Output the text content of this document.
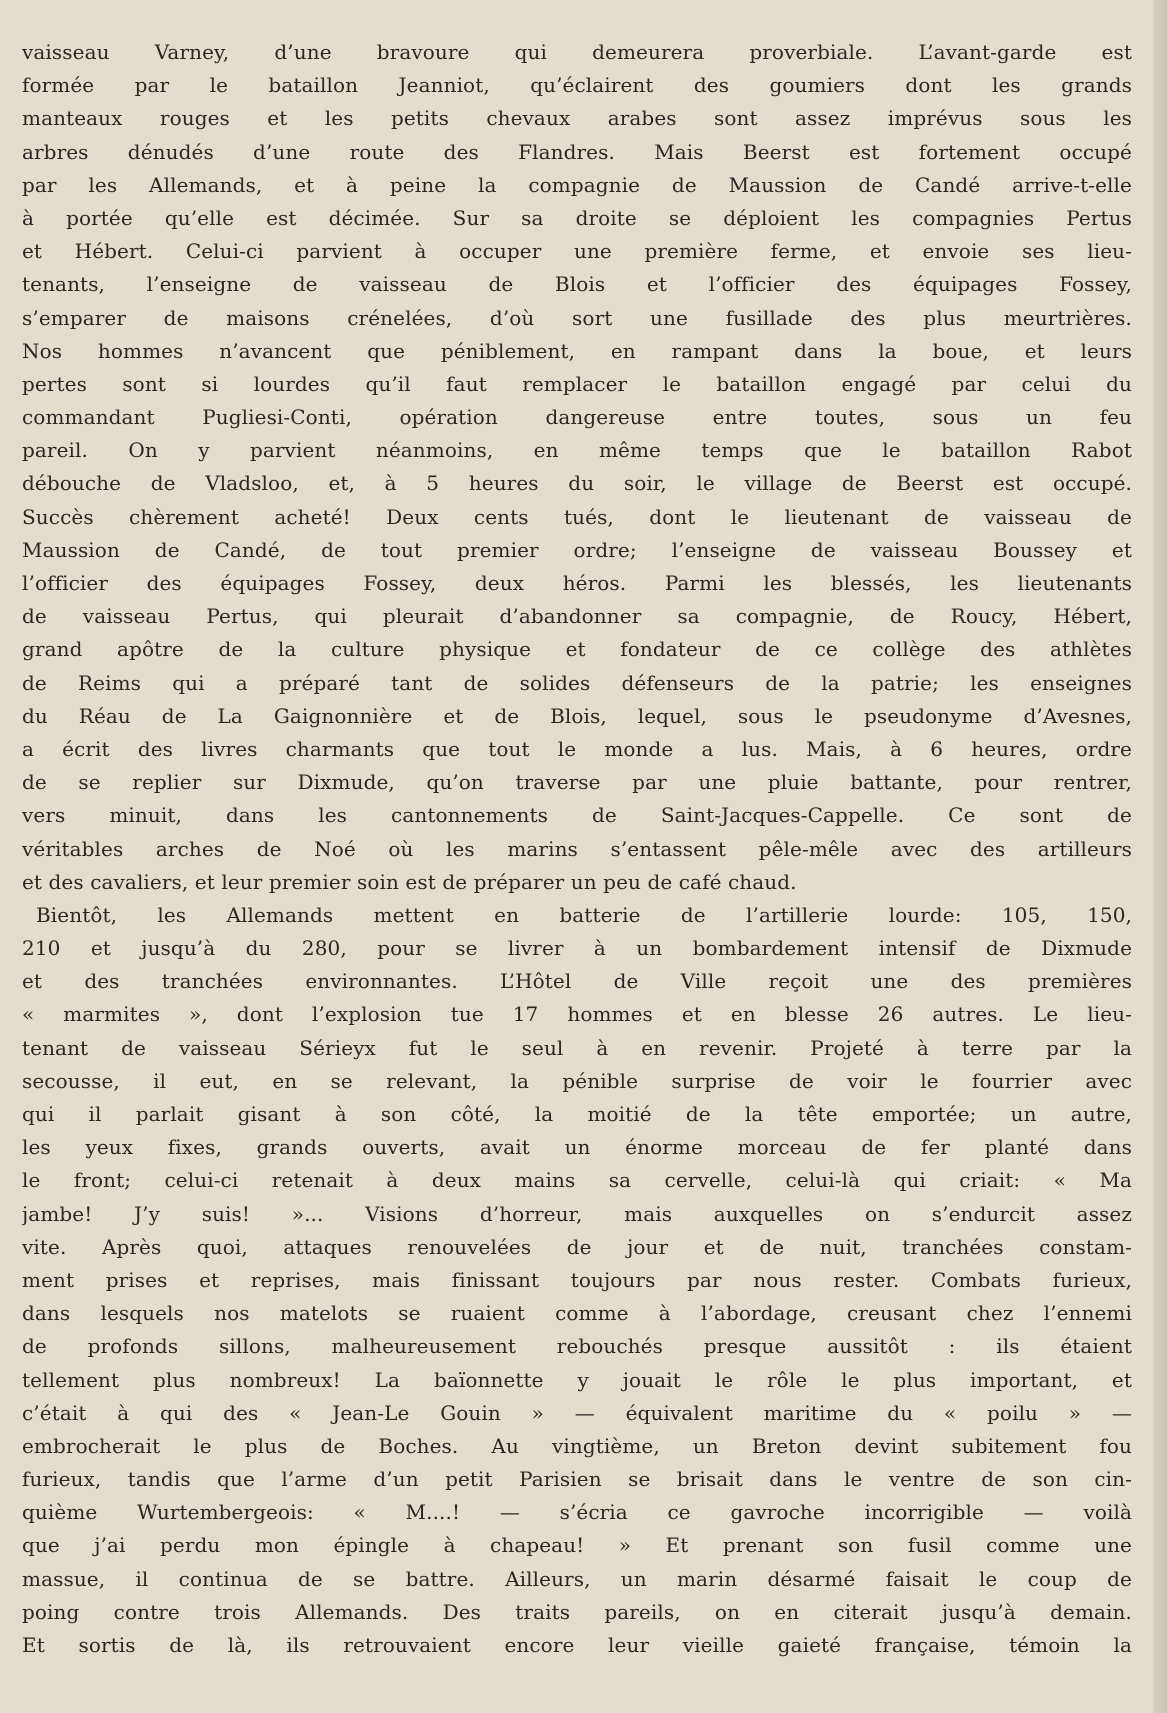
vaisseau Varney, d’une bravoure qui demeurera proverbiale. L’avant-garde est
formée par le bataillon Jeanniot, qu’éclairent des goumiers dont les grands
manteaux rouges et les petits chevaux arabes sont assez imprévus sous les
arbres dénudés d’une route des Flandres. Mais Beerst est fortement occupé
par les Allemands, et à peine la compagnie de Maussion de Candé arrive-t-elle
à portée qu’elle est décimée. Sur sa droite se déploient les compagnies Pertus
et Hébert. Celui-ci parvient à occuper une première ferme, et envoie ses lieu-
tenants, l’enseigne de vaisseau de Blois et l’officier des équipages Fossey,
s’emparer de maisons crénelées, d’où sort une fusillade des plus meurtrières.
Nos hommes n’avancent que péniblement, en rampant dans la boue, et leurs
pertes sont si lourdes qu’il faut remplacer le bataillon engagé par celui du
commandant Pugliesi-Conti, opération dangereuse entre toutes, sous un feu
pareil. On y parvient néanmoins, en même temps que le bataillon Rabot
débouche de Vladsloo, et, à 5 heures du soir, le village de Beerst est occupé.
Succès chèrement acheté! Deux cents tués, dont le lieutenant de vaisseau de
Maussion de Candé, de tout premier ordre; l’enseigne de vaisseau Boussey et
l’officier des équipages Fossey, deux héros. Parmi les blessés, les lieutenants
de vaisseau Pertus, qui pleurait d’abandonner sa compagnie, de Roucy, Hébert,
grand apôtre de la culture physique et fondateur de ce collège des athlètes
de Reims qui a préparé tant de solides défenseurs de la patrie; les enseignes
du Réau de La Gaignonnière et de Blois, lequel, sous le pseudonyme d’Avesnes,
a écrit des livres charmants que tout le monde a lus. Mais, à 6 heures, ordre
de se replier sur Dixmude, qu’on traverse par une pluie battante, pour rentrer,
vers minuit, dans les cantonnements de Saint-Jacques-Cappelle. Ce sont de
véritables arches de Noé où les marins s’entassent pêle-mêle avec des artilleurs
et des cavaliers, et leur premier soin est de préparer un peu de café chaud.
Bientôt, les Allemands mettent en batterie de l’artillerie lourde: 105, 150,
210 et jusqu’à du 280, pour se livrer à un bombardement intensif de Dixmude
et des tranchées environnantes. L’Hôtel de Ville reçoit une des premières
« marmites », dont l’explosion tue 17 hommes et en blesse 26 autres. Le lieu-
tenant de vaisseau Sérieyx fut le seul à en revenir. Projeté à terre par la
secousse, il eut, en se relevant, la pénible surprise de voir le fourrier avec
qui il parlait gisant à son côté, la moitié de la tête emportée; un autre,
les yeux fixes, grands ouverts, avait un énorme morceau de fer planté dans
le front; celui-ci retenait à deux mains sa cervelle, celui-là qui criait: « Ma
jambe! J’y suis! »... Visions d’horreur, mais auxquelles on s’endurcit assez
vite. Après quoi, attaques renouvelées de jour et de nuit, tranchées constam-
ment prises et reprises, mais finissant toujours par nous rester. Combats furieux,
dans lesquels nos matelots se ruaient comme à l’abordage, creusant chez l’ennemi
de profonds sillons, malheureusement rebouchés presque aussitôt : ils étaient
tellement plus nombreux! La baïonnette y jouait le rôle le plus important, et
c’était à qui des « Jean-Le Gouin » — équivalent maritime du « poilu » —
embrocherait le plus de Boches. Au vingtième, un Breton devint subitement fou
furieux, tandis que l’arme d’un petit Parisien se brisait dans le ventre de son cin-
quième Wurtembergeois: « M....! — s’écria ce gavroche incorrigible — voilà
que j’ai perdu mon épingle à chapeau! » Et prenant son fusil comme une
massue, il continua de se battre. Ailleurs, un marin désarmé faisait le coup de
poing contre trois Allemands. Des traits pareils, on en citerait jusqu’à demain.
Et sortis de là, ils retrouvaient encore leur vieille gaieté française, témoin la
